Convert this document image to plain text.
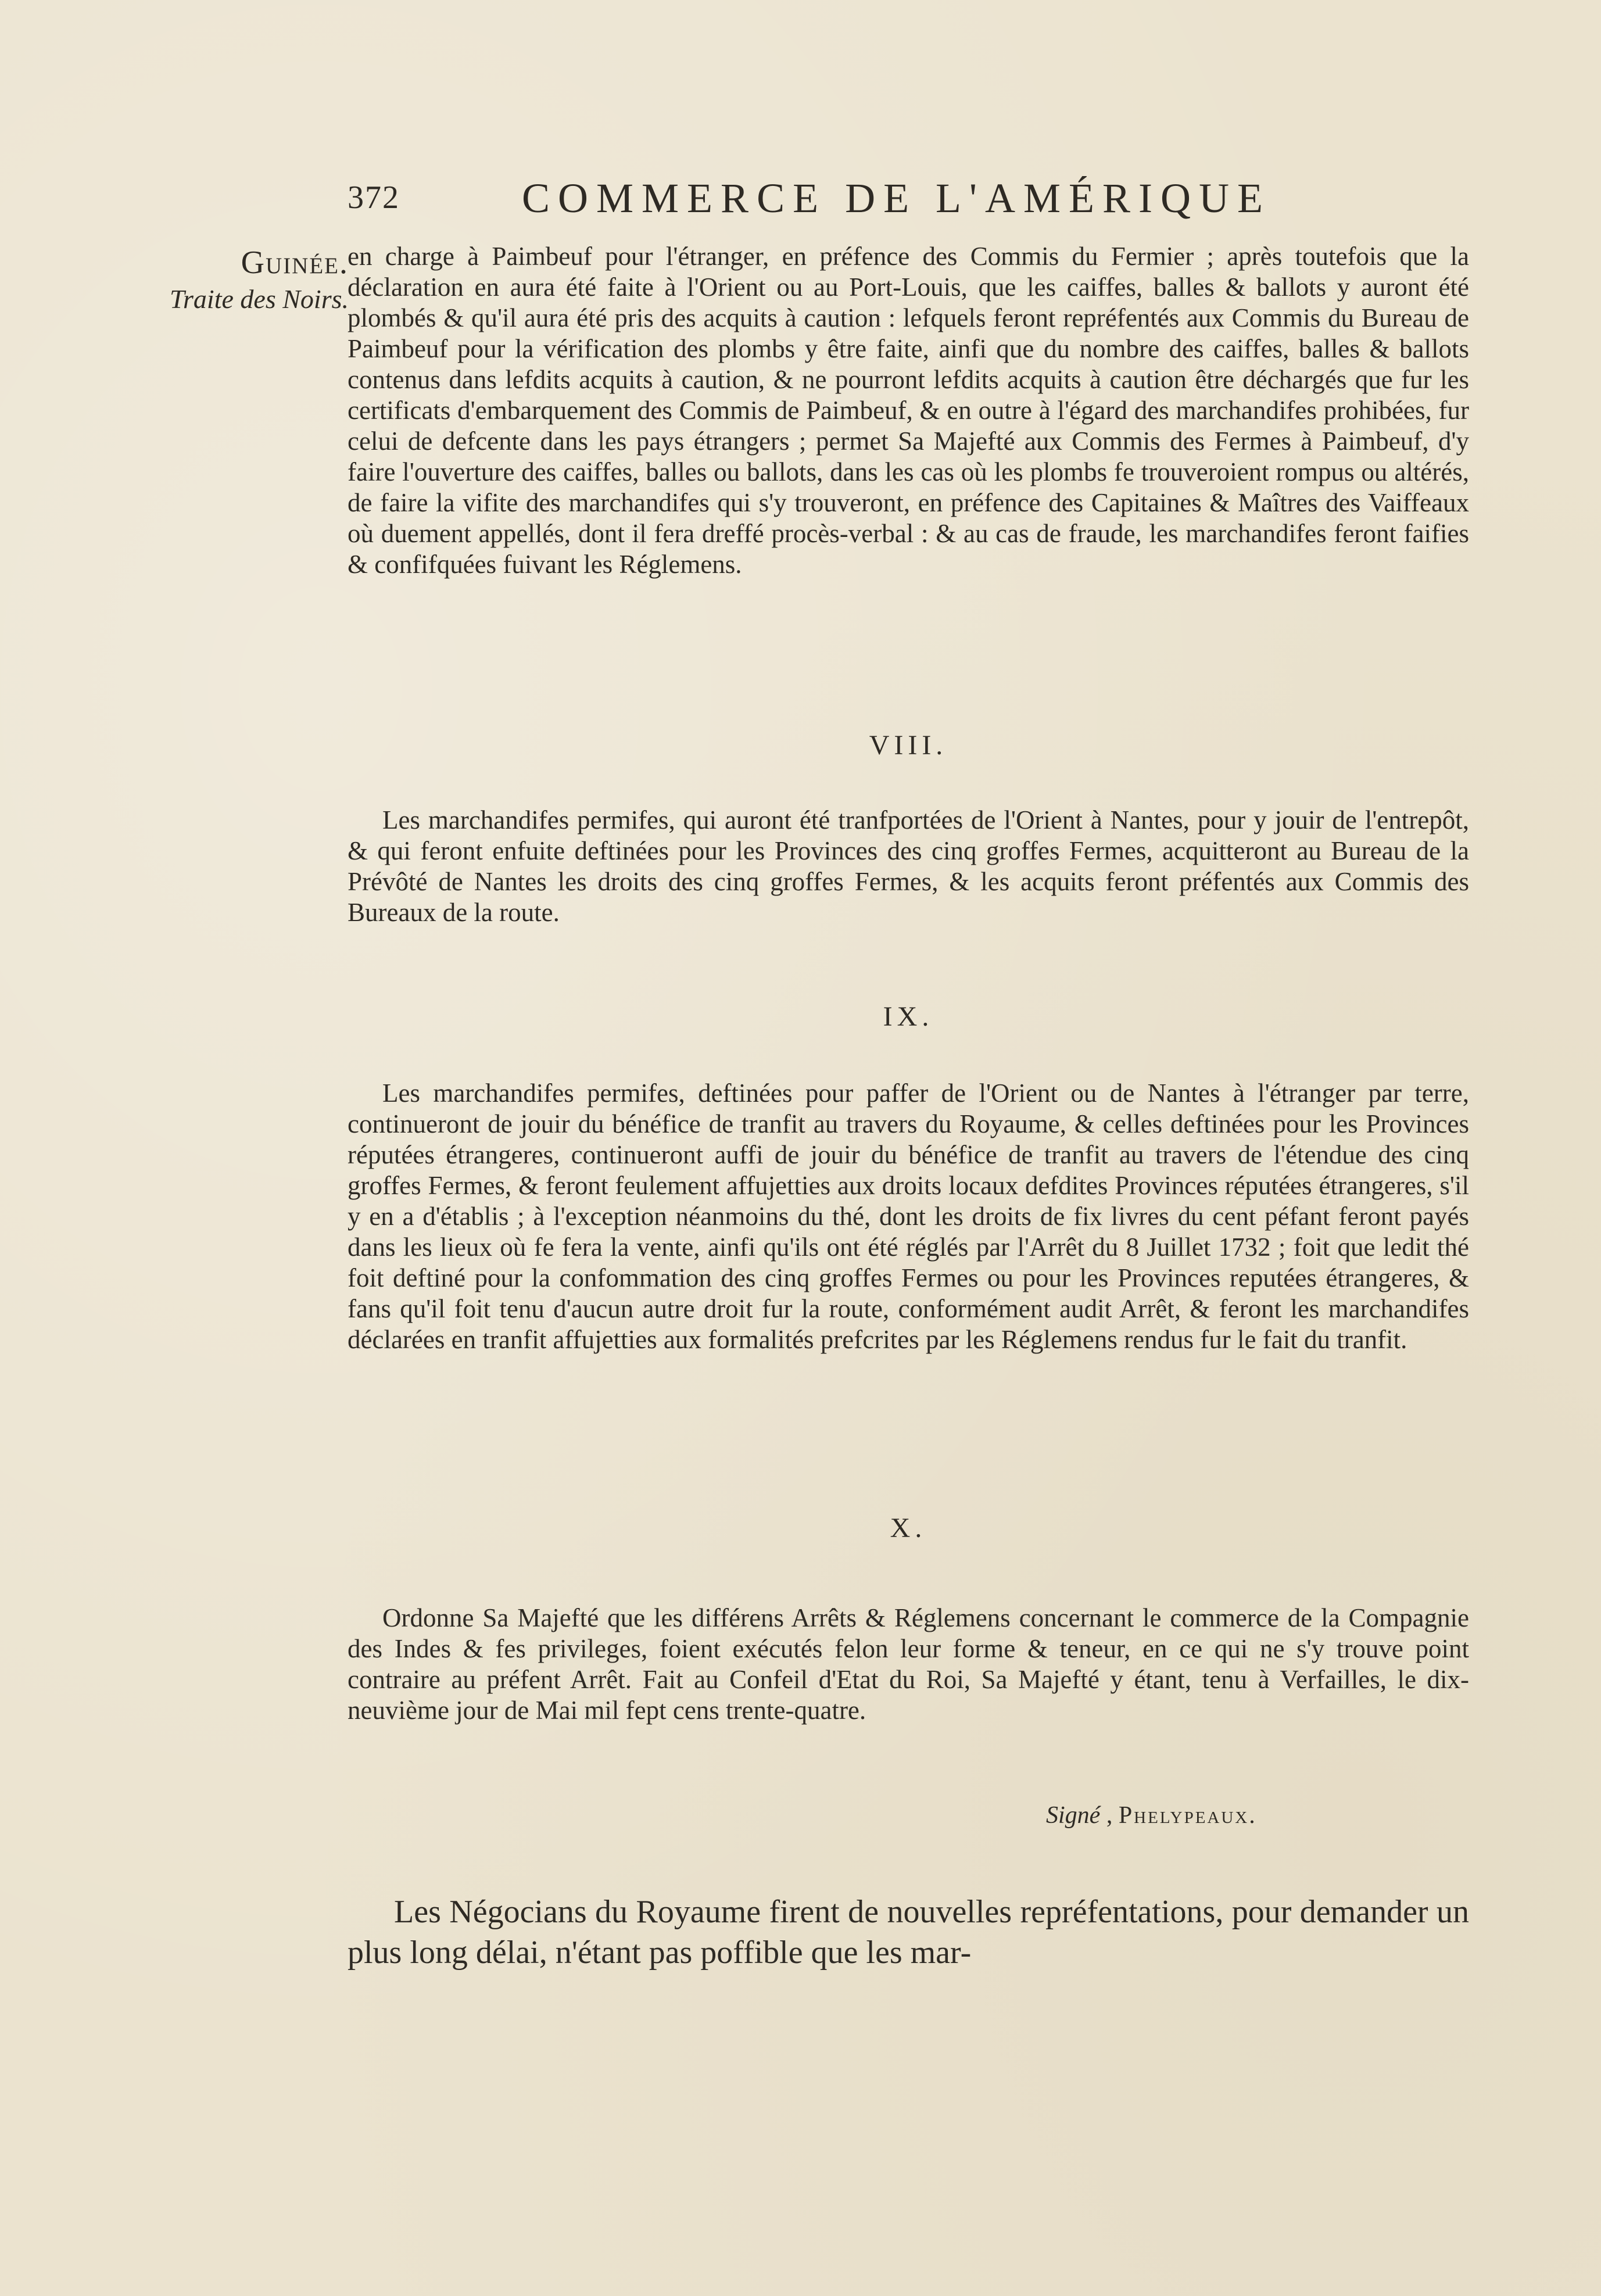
372	COMMERCE DE L'AMÉRIQUE
Guinée.
Traite des Noirs.

en charge à Paimbeuf pour l'étranger, en préfence des Commis du Fermier ; après toutefois que la déclaration en aura été faite à l'Orient ou au Port-Louis, que les caiffes, balles & ballots y auront été plombés & qu'il aura été pris des acquits à caution : lefquels feront repréfentés aux Commis du Bureau de Paimbeuf pour la vérification des plombs y être faite, ainfi que du nombre des caiffes, balles & ballots contenus dans lefdits acquits à caution, & ne pourront lefdits acquits à caution être déchargés que fur les certificats d'embarquement des Commis de Paimbeuf, & en outre à l'égard des marchandifes prohibées, fur celui de defcente dans les pays étrangers ; permet Sa Majefté aux Commis des Fermes à Paimbeuf, d'y faire l'ouverture des caiffes, balles ou ballots, dans les cas où les plombs fe trouveroient rompus ou altérés, de faire la vifite des marchandifes qui s'y trouveront, en préfence des Capitaines & Maîtres des Vaiffeaux où duement appellés, dont il fera dreffé procès-verbal : & au cas de fraude, les marchandifes feront faifies & confifquées fuivant les Réglemens.

VIII.

Les marchandifes permifes, qui auront été tranfportées de l'Orient à Nantes, pour y jouir de l'entrepôt, & qui feront enfuite deftinées pour les Provinces des cinq groffes Fermes, acquitteront au Bureau de la Prévôté de Nantes les droits des cinq groffes Fermes, & les acquits feront préfentés aux Commis des Bureaux de la route.

IX.

Les marchandifes permifes, deftinées pour paffer de l'Orient ou de Nantes à l'étranger par terre, continueront de jouir du bénéfice de tranfit au travers du Royaume, & celles deftinées pour les Provinces réputées étrangeres, continueront auffi de jouir du bénéfice de tranfit au travers de l'étendue des cinq groffes Fermes, & feront feulement affujetties aux droits locaux defdites Provinces réputées étrangeres, s'il y en a d'établis ; à l'exception néanmoins du thé, dont les droits de fix livres du cent péfant feront payés dans les lieux où fe fera la vente, ainfi qu'ils ont été réglés par l'Arrêt du 8 Juillet 1732 ; foit que ledit thé foit deftiné pour la confommation des cinq groffes Fermes ou pour les Provinces reputées étrangeres, & fans qu'il foit tenu d'aucun autre droit fur la route, conformément audit Arrêt, & feront les marchandifes déclarées en tranfit affujetties aux formalités prefcrites par les Réglemens rendus fur le fait du tranfit.

X.

Ordonne Sa Majefté que les différens Arrêts & Réglemens concernant le commerce de la Compagnie des Indes & fes privileges, foient exécutés felon leur forme & teneur, en ce qui ne s'y trouve point contraire au préfent Arrêt. Fait au Confeil d'Etat du Roi, Sa Majefté y étant, tenu à Verfailles, le dix-neuvième jour de Mai mil fept cens trente-quatre.

Signé , Phelypeaux.

Les Négocians du Royaume firent de nouvelles repréfentations, pour demander un plus long délai, n'étant pas poffible que les mar-
